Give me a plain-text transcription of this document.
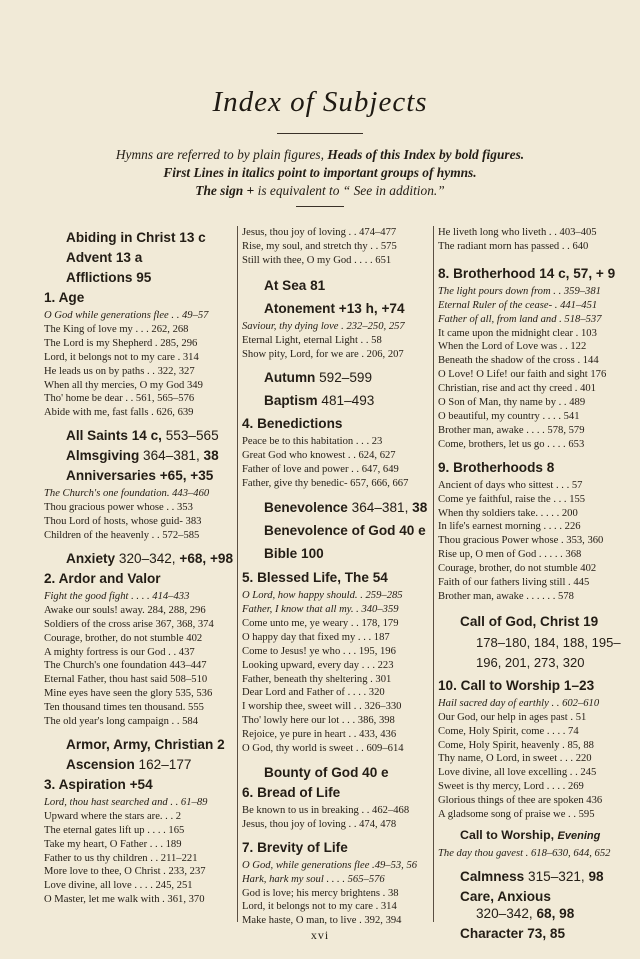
Index of Subjects
Hymns are referred to by plain figures, Heads of this Index by bold figures.
First Lines in italics point to important groups of hymns.
The sign + is equivalent to “ See in addition.”
Abiding in Christ 13 c
Advent 13 a
Afflictions 95
1. Age
O God while generations flee . . 49–57
The King of love my . . . 262, 268
The Lord is my Shepherd . 285, 296
Lord, it belongs not to my care . 314
He leads us on by paths . . 322, 327
When all thy mercies, O my God 349
Tho' home be dear . . 561, 565–576
Abide with me, fast falls . 626, 639
All Saints 14 c, 553–565
Almsgiving 364–381, 38
Anniversaries +65, +35
The Church's one foundation. 443–460
Thou gracious power whose . . 353
Thou Lord of hosts, whose guid- 383
Children of the heavenly . . 572–585
Anxiety 320–342, +68, +98
2. Ardor and Valor
Fight the good fight . . . . 414–433
Awake our souls! away. 284, 288, 296
Soldiers of the cross arise 367, 368, 374
Courage, brother, do not stumble 402
A mighty fortress is our God . . 437
The Church's one foundation 443–447
Eternal Father, thou hast said 508–510
Mine eyes have seen the glory 535, 536
Ten thousand times ten thousand. 555
The old year's long campaign . . 584
Armor, Army, Christian 2
Ascension 162–177
3. Aspiration +54
Lord, thou hast searched and . . 61–89
Upward where the stars are. . . 2
The eternal gates lift up . . . . 165
Take my heart, O Father . . . 189
Father to us thy children . . 211–221
More love to thee, O Christ . 233, 237
Love divine, all love . . . . 245, 251
O Master, let me walk with . 361, 370
Jesus, thou joy of loving . . 474–477
Rise, my soul, and stretch thy . . 575
Still with thee, O my God . . . . 651
At Sea 81
Atonement +13 h, +74
Saviour, thy dying love . 232–250, 257
Eternal Light, eternal Light . . 58
Show pity, Lord, for we are . 206, 207
Autumn 592–599
Baptism 481–493
4. Benedictions
Peace be to this habitation . . . 23
Great God who knowest . . 624, 627
Father of love and power . . 647, 649
Father, give thy benedic- 657, 666, 667
Benevolence 364–381, 38
Benevolence of God 40 e
Bible 100
5. Blessed Life, The 54
O Lord, how happy should. . 259–285
Father, I know that all my. . 340–359
Come unto me, ye weary . . 178, 179
O happy day that fixed my . . . 187
Come to Jesus! ye who . . . 195, 196
Looking upward, every day . . . 223
Father, beneath thy sheltering . 301
Dear Lord and Father of . . . . 320
I worship thee, sweet will . . 326–330
Tho' lowly here our lot . . . 386, 398
Rejoice, ye pure in heart . . 433, 436
O God, thy world is sweet . . 609–614
Bounty of God 40 e
6. Bread of Life
Be known to us in breaking . . 462–468
Jesus, thou joy of loving . . 474, 478
7. Brevity of Life
O God, while generations flee .49–53, 56
Hark, hark my soul . . . . 565–576
God is love; his mercy brightens . 38
Lord, it belongs not to my care . 314
Make haste, O man, to live . 392, 394
He liveth long who liveth . . 403–405
The radiant morn has passed . . 640
8. Brotherhood 14 c, 57, + 9
The light pours down from . . 359–381
Eternal Ruler of the cease- . 441–451
Father of all, from land and . 518–537
It came upon the midnight clear . 103
When the Lord of Love was . . 122
Beneath the shadow of the cross . 144
O Love! O Life! our faith and sight 176
Christian, rise and act thy creed . 401
O Son of Man, thy name by . . 489
O beautiful, my country . . . . 541
Brother man, awake . . . . 578, 579
Come, brothers, let us go . . . . 653
9. Brotherhoods 8
Ancient of days who sittest . . . 57
Come ye faithful, raise the . . . 155
When thy soldiers take. . . . . 200
In life's earnest morning . . . . 226
Thou gracious Power whose . 353, 360
Rise up, O men of God . . . . . 368
Courage, brother, do not stumble 402
Faith of our fathers living still . 445
Brother man, awake . . . . . . 578
Call of God, Christ 19
178–180, 184, 188, 195–196, 201, 273, 320
10. Call to Worship 1–23
Hail sacred day of earthly . . 602–610
Our God, our help in ages past . 51
Come, Holy Spirit, come . . . . 74
Come, Holy Spirit, heavenly . 85, 88
Thy name, O Lord, in sweet . . . 220
Love divine, all love excelling . . 245
Sweet is thy mercy, Lord . . . . 269
Glorious things of thee are spoken 436
A gladsome song of praise we . . 595
Call to Worship, Evening
The day thou gavest . 618–630, 644, 652
Calmness 315–321, 98
Care, Anxious
320–342, 68, 98
Character 73, 85
xvi
